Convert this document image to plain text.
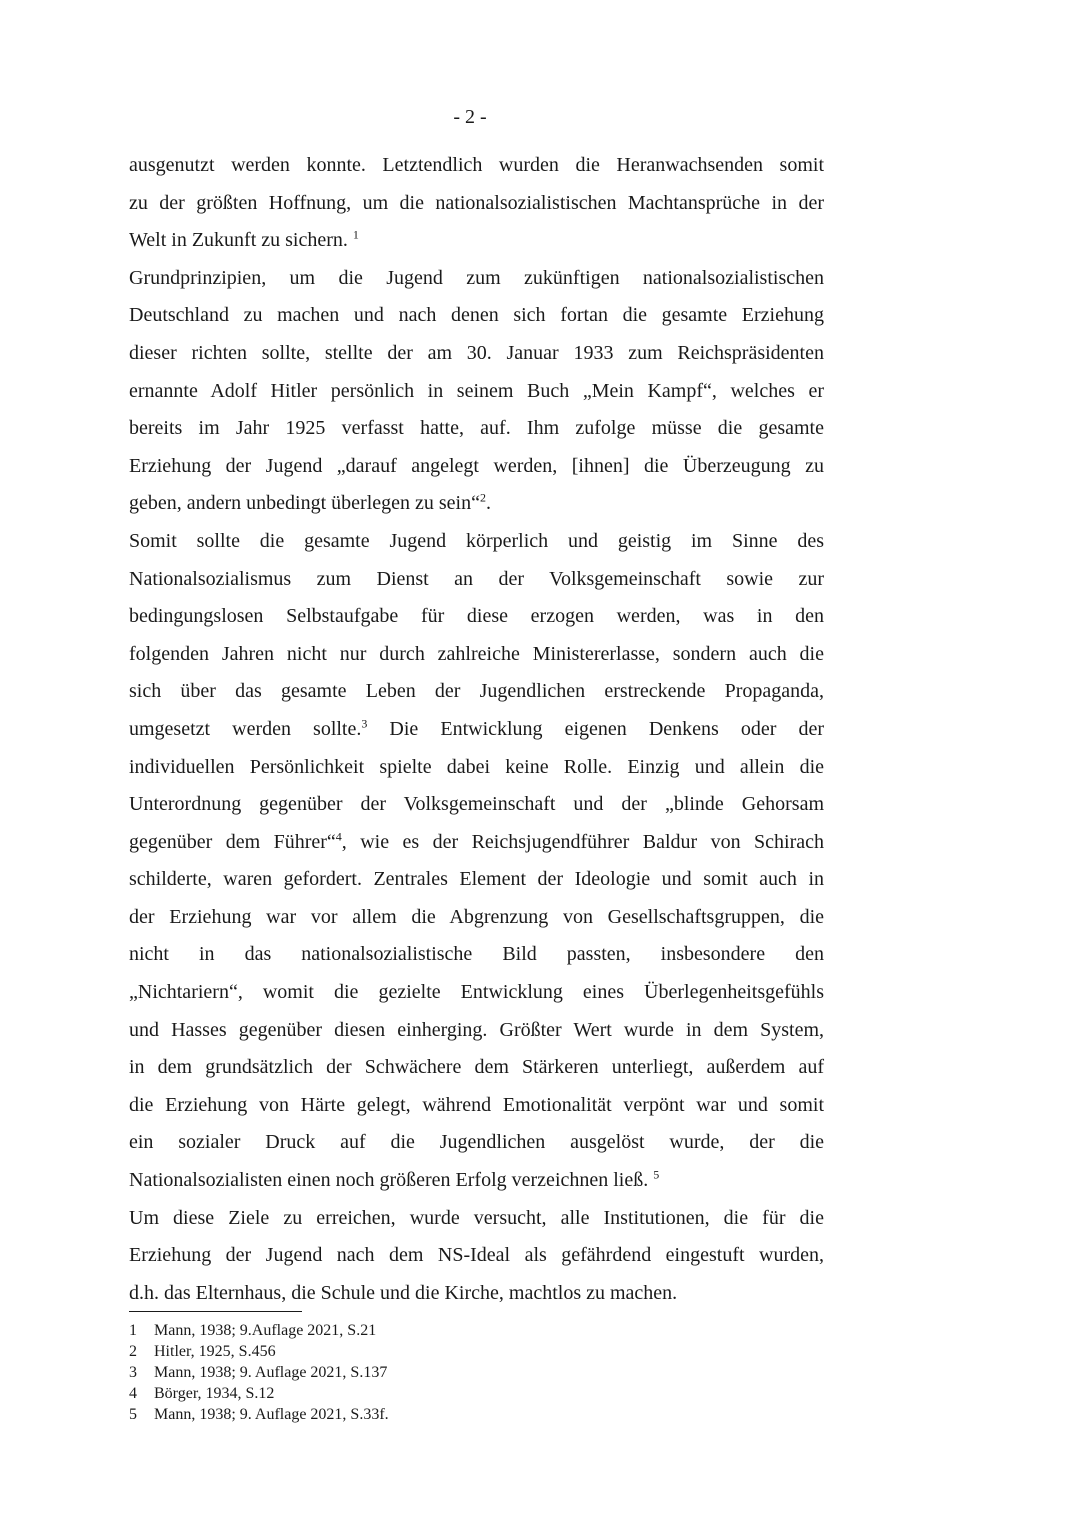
- 2 -
ausgenutzt werden konnte. Letztendlich wurden die Heranwachsenden somit
zu der größten Hoffnung, um die nationalsozialistischen Machtansprüche in der
Welt in Zukunft zu sichern. $^1$
Grundprinzipien, um die Jugend zum zukünftigen nationalsozialistischen
Deutschland zu machen und nach denen sich fortan die gesamte Erziehung
dieser richten sollte, stellte der am 30. Januar 1933 zum Reichspräsidenten
ernannte Adolf Hitler persönlich in seinem Buch „Mein Kampf“, welches er
bereits im Jahr 1925 verfasst hatte, auf. Ihm zufolge müsse die gesamte
Erziehung der Jugend „darauf angelegt werden, [ihnen] die Überzeugung zu
geben, andern unbedingt überlegen zu sein“$^2$.
Somit sollte die gesamte Jugend körperlich und geistig im Sinne des
Nationalsozialismus zum Dienst an der Volksgemeinschaft sowie zur
bedingungslosen Selbstaufgabe für diese erzogen werden, was in den
folgenden Jahren nicht nur durch zahlreiche Ministererlasse, sondern auch die
sich über das gesamte Leben der Jugendlichen erstreckende Propaganda,
umgesetzt werden sollte.$^3$ Die Entwicklung eigenen Denkens oder der
individuellen Persönlichkeit spielte dabei keine Rolle. Einzig und allein die
Unterordnung gegenüber der Volksgemeinschaft und der „blinde Gehorsam
gegenüber dem Führer“$^4$, wie es der Reichsjugendführer Baldur von Schirach
schilderte, waren gefordert. Zentrales Element der Ideologie und somit auch in
der Erziehung war vor allem die Abgrenzung von Gesellschaftsgruppen, die
nicht in das nationalsozialistische Bild passten, insbesondere den
„Nichtariern“, womit die gezielte Entwicklung eines Überlegenheitsgefühls
und Hasses gegenüber diesen einherging. Größter Wert wurde in dem System,
in dem grundsätzlich der Schwächere dem Stärkeren unterliegt, außerdem auf
die Erziehung von Härte gelegt, während Emotionalität verpönt war und somit
ein sozialer Druck auf die Jugendlichen ausgelöst wurde, der die
Nationalsozialisten einen noch größeren Erfolg verzeichnen ließ. $^5$
Um diese Ziele zu erreichen, wurde versucht, alle Institutionen, die für die
Erziehung der Jugend nach dem NS-Ideal als gefährdend eingestuft wurden,
d.h. das Elternhaus, die Schule und die Kirche, machtlos zu machen.
1 Mann, 1938; 9.Auflage 2021, S.21
2 Hitler, 1925, S.456
3 Mann, 1938; 9. Auflage 2021, S.137
4 Börger, 1934, S.12
5 Mann, 1938; 9. Auflage 2021, S.33f.
